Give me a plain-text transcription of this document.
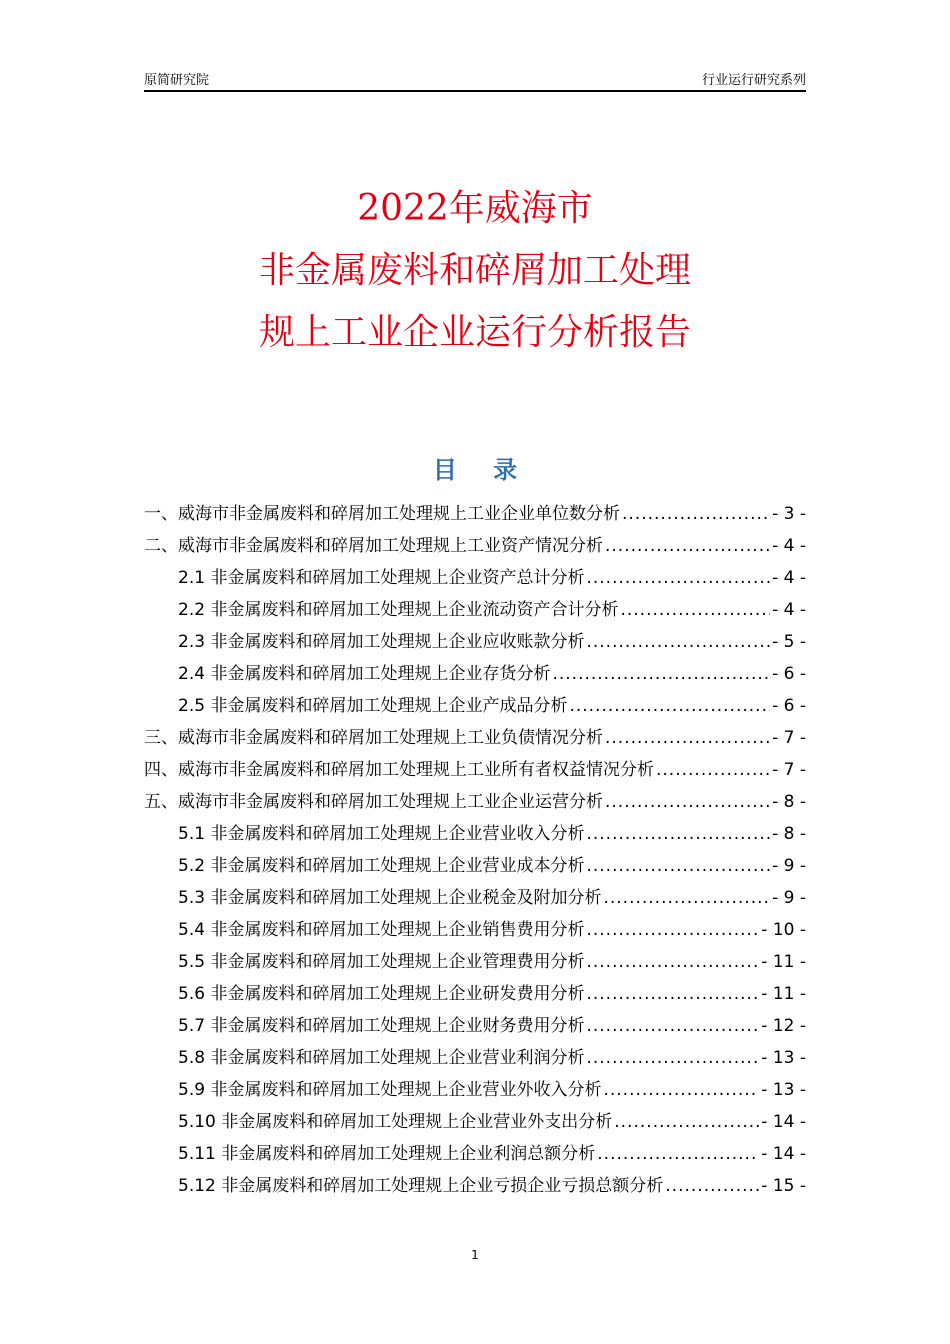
原简研究院	行业运行研究系列
2022年威海市
非金属废料和碎屑加工处理
规上工业企业运行分析报告
目 录
一、威海市非金属废料和碎屑加工处理规上工业企业单位数分析 .....	- 3 -
二、威海市非金属废料和碎屑加工处理规上工业资产情况分析 .....	- 4 -
2.1 非金属废料和碎屑加工处理规上企业资产总计分析 .....	- 4 -
2.2 非金属废料和碎屑加工处理规上企业流动资产合计分析 .....	- 4 -
2.3 非金属废料和碎屑加工处理规上企业应收账款分析 .....	- 5 -
2.4 非金属废料和碎屑加工处理规上企业存货分析 .....	- 6 -
2.5 非金属废料和碎屑加工处理规上企业产成品分析 .....	- 6 -
三、威海市非金属废料和碎屑加工处理规上工业负债情况分析 .....	- 7 -
四、威海市非金属废料和碎屑加工处理规上工业所有者权益情况分析 .....	- 7 -
五、威海市非金属废料和碎屑加工处理规上工业企业运营分析 .....	- 8 -
5.1 非金属废料和碎屑加工处理规上企业营业收入分析 .....	- 8 -
5.2 非金属废料和碎屑加工处理规上企业营业成本分析 .....	- 9 -
5.3 非金属废料和碎屑加工处理规上企业税金及附加分析 .....	- 9 -
5.4 非金属废料和碎屑加工处理规上企业销售费用分析 .....	- 10 -
5.5 非金属废料和碎屑加工处理规上企业管理费用分析 .....	- 11 -
5.6 非金属废料和碎屑加工处理规上企业研发费用分析 .....	- 11 -
5.7 非金属废料和碎屑加工处理规上企业财务费用分析 .....	- 12 -
5.8 非金属废料和碎屑加工处理规上企业营业利润分析 .....	- 13 -
5.9 非金属废料和碎屑加工处理规上企业营业外收入分析 .....	- 13 -
5.10 非金属废料和碎屑加工处理规上企业营业外支出分析 .....	- 14 -
5.11 非金属废料和碎屑加工处理规上企业利润总额分析 .....	- 14 -
5.12 非金属废料和碎屑加工处理规上企业亏损企业亏损总额分析 .....	- 15 -
1
